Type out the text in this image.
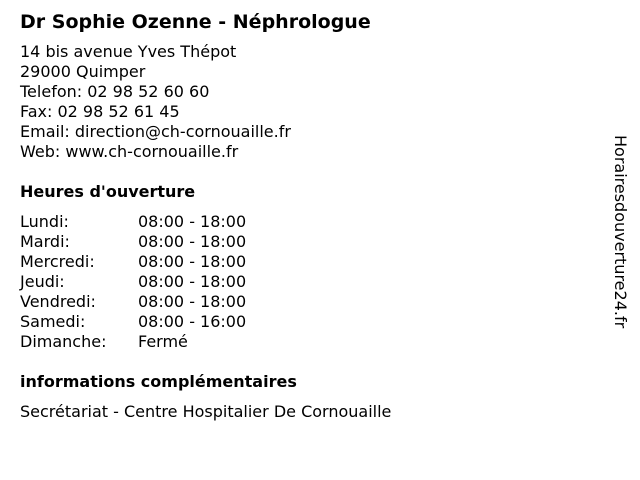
Dr Sophie Ozenne - Néphrologue
14 bis avenue Yves Thépot
29000 Quimper
Telefon: 02 98 52 60 60
Fax: 02 98 52 61 45
Email: direction@ch-cornouaille.fr
Web: www.ch-cornouaille.fr
Heures d'ouverture
Lundi:	08:00 - 18:00
Mardi:	08:00 - 18:00
Mercredi:	08:00 - 18:00
Jeudi:	08:00 - 18:00
Vendredi:	08:00 - 18:00
Samedi:	08:00 - 16:00
Dimanche:	Fermé
informations complémentaires
Secrétariat - Centre Hospitalier De Cornouaille
Horairesdouverture24.fr
